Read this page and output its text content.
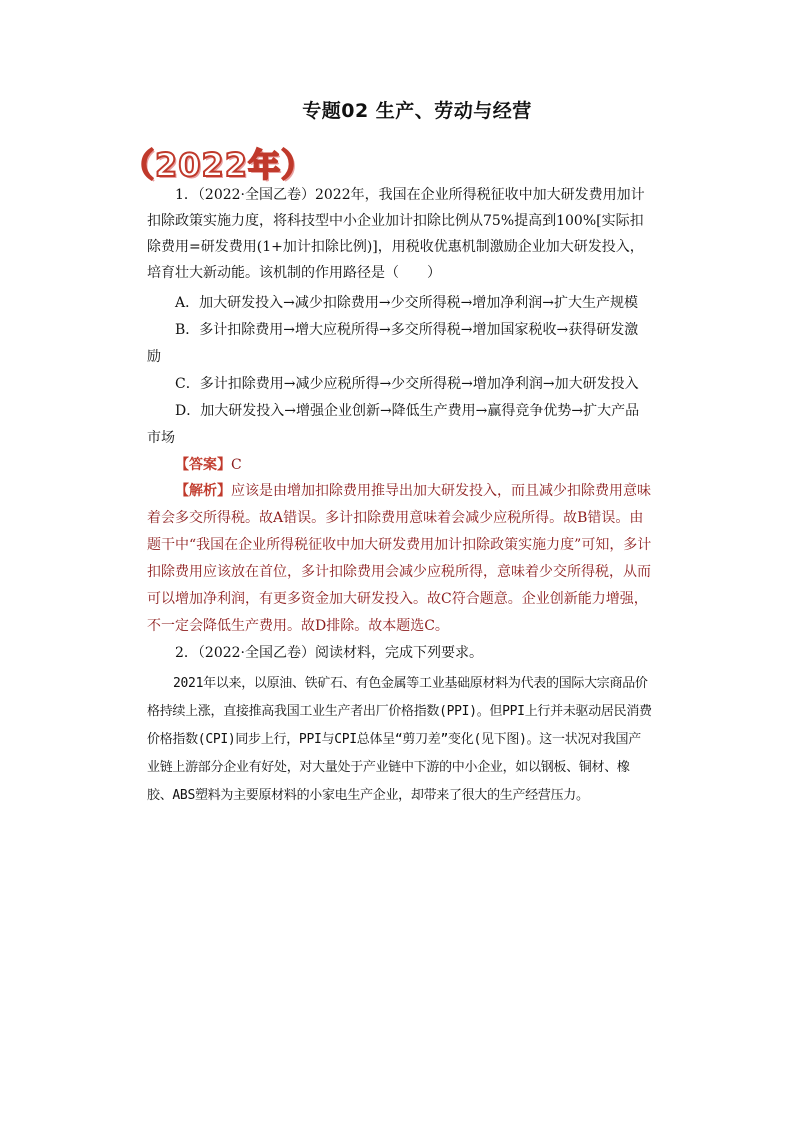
专题02 生产、劳动与经营
（2022年）

1．（2022·全国乙卷）2022年，我国在企业所得税征收中加大研发费用加计扣除政策实施力度，将科技型中小企业加计扣除比例从75%提高到100%[实际扣除费用=研发费用(1+加计扣除比例)]，用税收优惠机制激励企业加大研发投入，培育壮大新动能。该机制的作用路径是（　　）

A．加大研发投入→减少扣除费用→少交所得税→增加净利润→扩大生产规模
B．多计扣除费用→增大应税所得→多交所得税→增加国家税收→获得研发激励
C．多计扣除费用→减少应税所得→少交所得税→增加净利润→加大研发投入
D．加大研发投入→增强企业创新→降低生产费用→赢得竞争优势→扩大产品市场
【答案】C

【解析】应该是由增加扣除费用推导出加大研发投入，而且减少扣除费用意味着会多交所得税。故A错误。多计扣除费用意味着会减少应税所得。故B错误。由题干中“我国在企业所得税征收中加大研发费用加计扣除政策实施力度”可知，多计扣除费用应该放在首位，多计扣除费用会减少应税所得，意味着少交所得税，从而可以增加净利润，有更多资金加大研发投入。故C符合题意。企业创新能力增强，不一定会降低生产费用。故D排除。故本题选C。

2．（2022·全国乙卷）阅读材料，完成下列要求。

2021年以来，以原油、铁矿石、有色金属等工业基础原材料为代表的国际大宗商品价格持续上涨，直接推高我国工业生产者出厂价格指数(PPI)。但PPI上行并未驱动居民消费价格指数(CPI)同步上行，PPI与CPI总体呈“剪刀差”变化(见下图)。这一状况对我国产业链上游部分企业有好处，对大量处于产业链中下游的中小企业，如以钢板、铜材、橡胶、ABS塑料为主要原材料的小家电生产企业，却带来了很大的生产经营压力。
